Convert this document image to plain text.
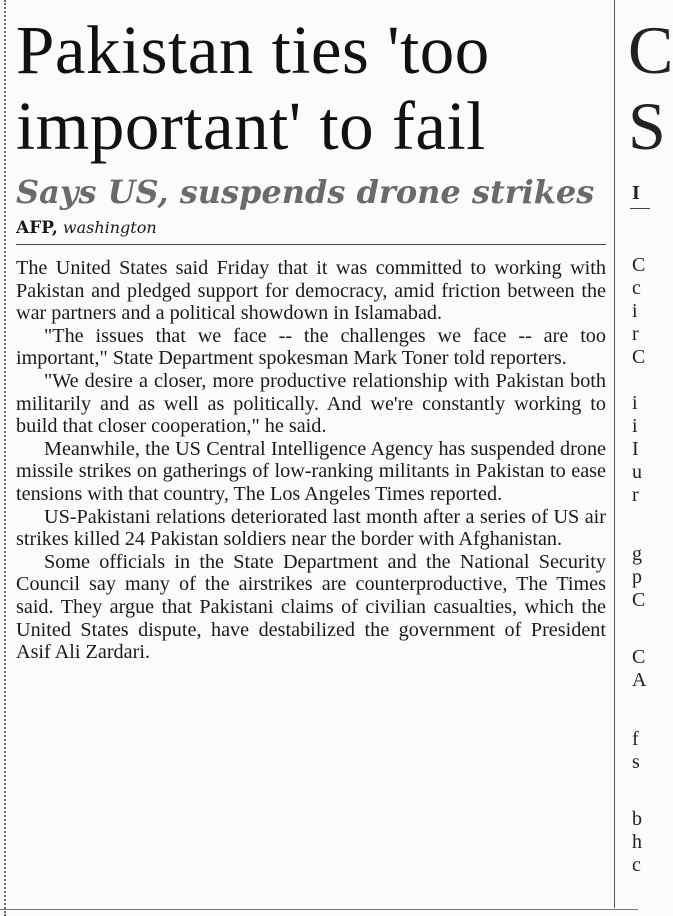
Pakistan ties 'too important' to fail
Says US, suspends drone strikes
AFP, washington

The United States said Friday that it was committed to working with Pakistan and pledged support for democracy, amid friction between the war partners and a political showdown in Islamabad.

"The issues that we face -- the challenges we face -- are too important," State Department spokesman Mark Toner told reporters.

"We desire a closer, more productive relationship with Pakistan both militarily and as well as politically. And we're constantly working to build that closer cooperation," he said.

Meanwhile, the US Central Intelligence Agency has suspended drone missile strikes on gatherings of low-ranking militants in Pakistan to ease tensions with that country, The Los Angeles Times reported.

US-Pakistani relations deteriorated last month after a series of US air strikes killed 24 Pakistan soldiers near the border with Afghanistan.

Some officials in the State Department and the National Security Council say many of the airstrikes are counterproductive, The Times said. They argue that Pakistani claims of civilian casualties, which the United States dispute, have destabilized the government of President Asif Ali Zardari.

C
S
I
C
c
i
r
C
i
i
I
u
r
g
p
C
C
A
f
s
b
h
c
